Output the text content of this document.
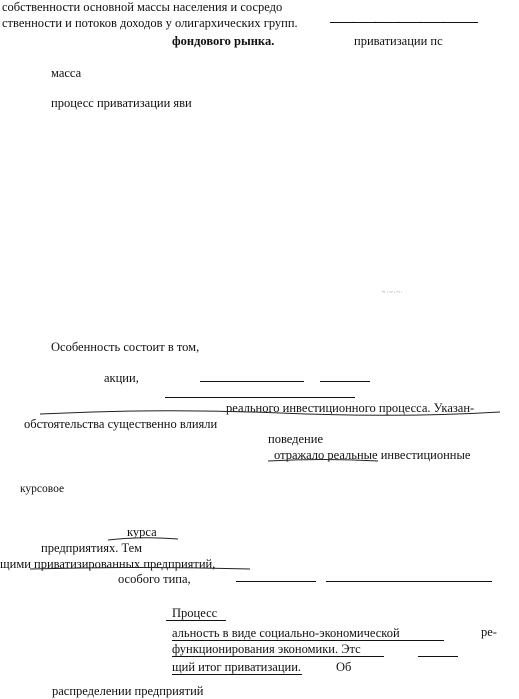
собственности основной массы населения и сосредо
ственности и потоков доходов у олигархических групп.	.....
фондового рынка.	приватизации пс
масса
процесс приватизации яви
~·~·~·
Особенность состоит в том,
акции,
реального инвестиционного процесса. Указан-
обстоятельства существенно влияли
поведение
отражало реальные инвестиционные
курсовое
курса
предприятиях. Тем
щими приватизированных предприятий,
особого типа,
Процесс
ре-
альность в виде социально-экономической
функционирования экономики. Этс
щий итог приватизации.	Об
распределении предприятий
